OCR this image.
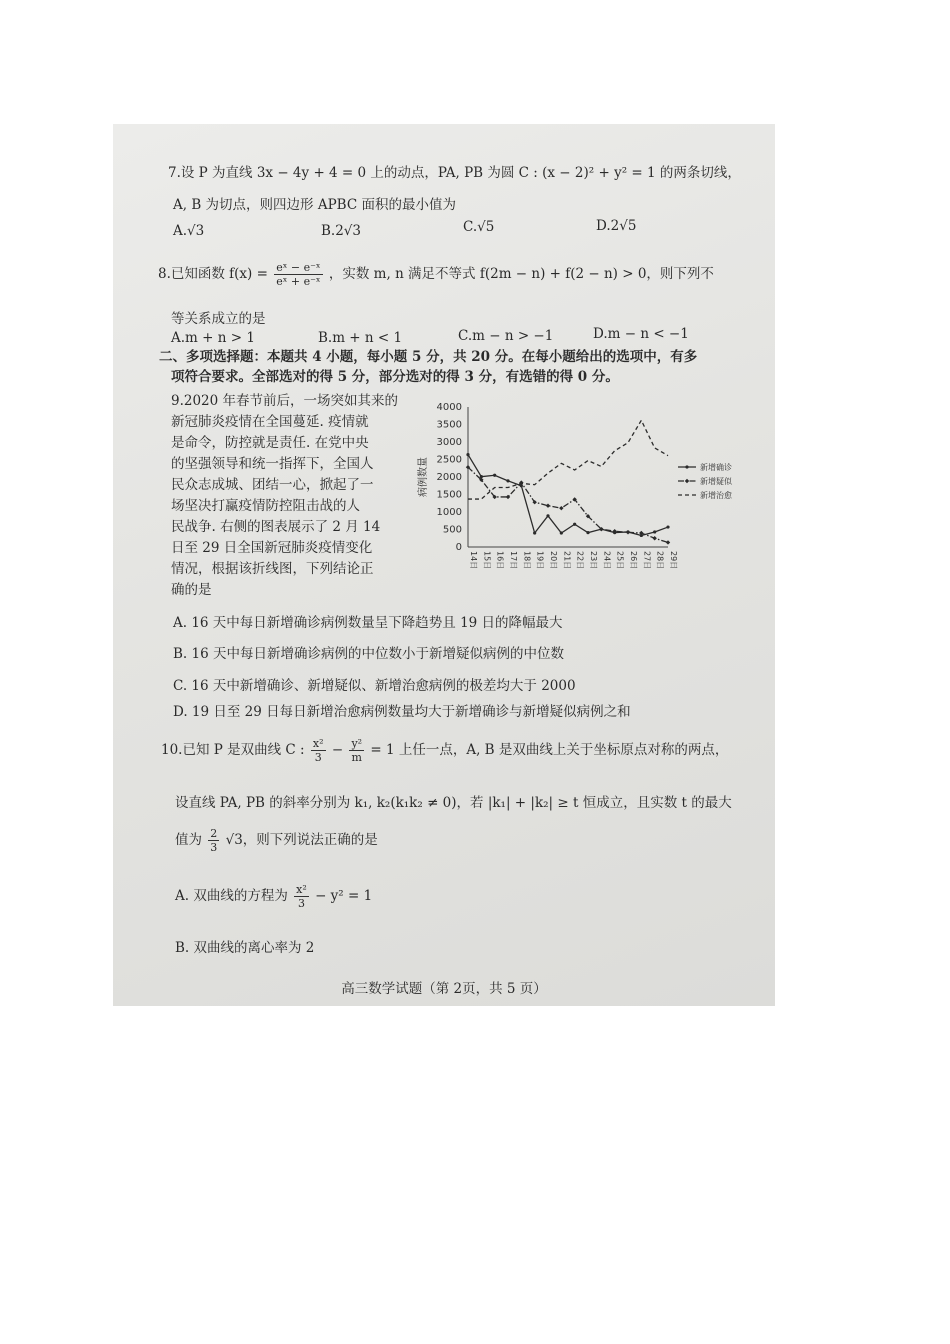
7.设 P 为直线 3x − 4y + 4 = 0 上的动点，PA, PB 为圆 C : (x − 2)² + y² = 1 的两条切线，
A, B 为切点，则四边形 APBC 面积的最小值为
A.√3	B.2√3	C.√5	D.2√5
8.已知函数 $f(x) = \frac{\text{eˣ − e⁻ˣ}}{\text{eˣ + e⁻ˣ}}$ ，实数 m, n 满足不等式 f(2m − n) + f(2 − n) > 0，则下列不
等关系成立的是
A.m + n > 1	B.m + n < 1	C.m − n > −1	D.m − n < −1
二、多项选择题：本题共 4 小题，每小题 5 分，共 20 分。在每小题给出的选项中，有多
项符合要求。全部选对的得 5 分，部分选对的得 3 分，有选错的得 0 分。
9.2020 年春节前后，一场突如其来的
新冠肺炎疫情在全国蔓延. 疫情就
是命令，防控就是责任. 在党中央
的坚强领导和统一指挥下，全国人
民众志成城、团结一心，掀起了一
场坚决打赢疫情防控阻击战的人
民战争. 右侧的图表展示了 2 月 14
日至 29 日全国新冠肺炎疫情变化
情况，根据该折线图，下列结论正
确的是
0
500
1000
1500
2000
2500
3000
3500
4000
病例数量
14日 15日 16日 17日 18日 19日 20日 21日 22日 23日 24日 25日 26日 27日 28日 29日
新增确诊
新增疑似
新增治愈
A. 16 天中每日新增确诊病例数量呈下降趋势且 19 日的降幅最大
B. 16 天中每日新增确诊病例的中位数小于新增疑似病例的中位数
C. 16 天中新增确诊、新增疑似、新增治愈病例的极差均大于 2000
D. 19 日至 29 日每日新增治愈病例数量均大于新增确诊与新增疑似病例之和
10.已知 P 是双曲线 C : $\frac{\text{x²}}{3} - \frac{\text{y²}}{m} = 1$ 上任一点，A, B 是双曲线上关于坐标原点对称的两点，
设直线 PA, PB 的斜率分别为 k₁, k₂(k₁k₂ ≠ 0)，若 |k₁| + |k₂| ≥ t 恒成立，且实数 t 的最大
值为 $\frac{2}{3} √3$，则下列说法正确的是
A. 双曲线的方程为 $\frac{\text{x²}}{3} - y^2 = 1$
B. 双曲线的离心率为 2
高三数学试题（第 2页，共 5 页）
